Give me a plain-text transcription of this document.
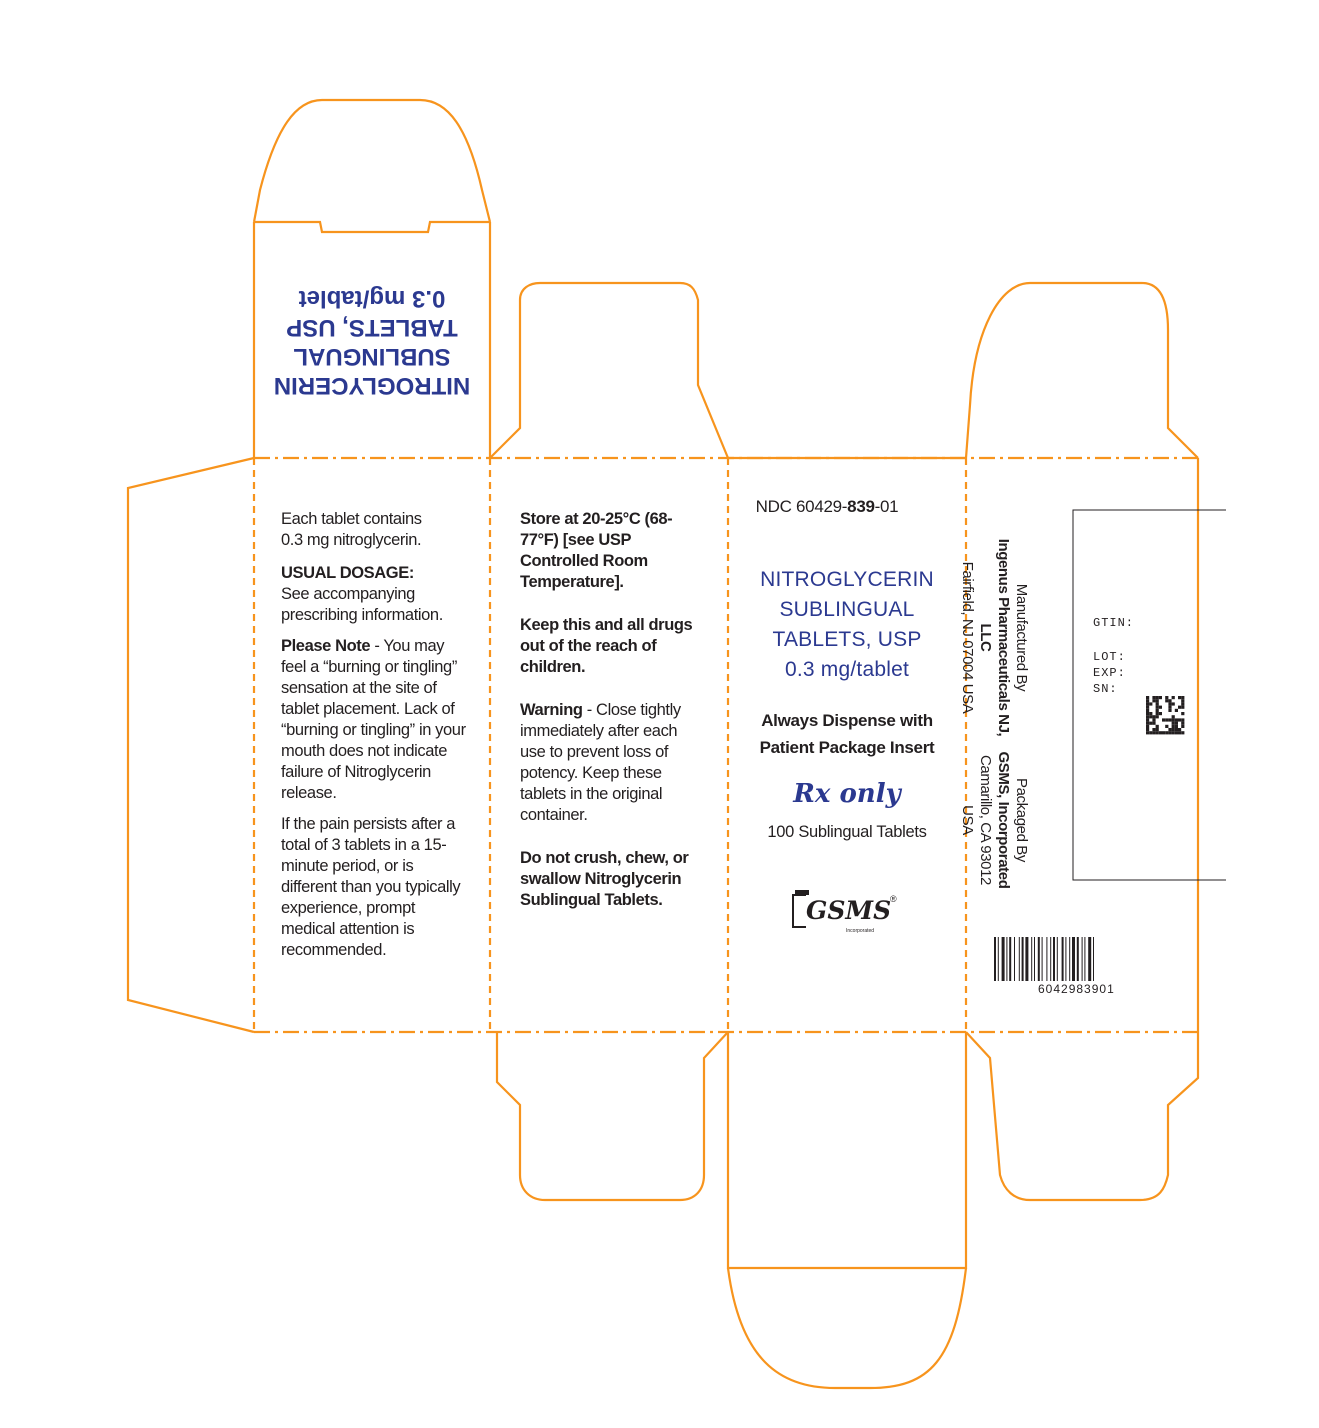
NITROGLYCERIN
SUBLINGUAL
TABLETS, USP
0.3 mg/tablet
Each tablet contains
0.3 mg nitroglycerin.
USUAL DOSAGE:
See accompanying prescribing information.
Please Note - You may feel a “burning or tingling” sensation at the site of tablet placement. Lack of “burning or tingling” in your mouth does not indicate failure of Nitroglycerin release.
If the pain persists after a total of 3 tablets in a 15-minute period, or is different than you typically experience, prompt medical attention is recommended.
Store at 20-25°C (68-77°F) [see USP Controlled Room Temperature].
Keep this and all drugs out of the reach of children.
Warning - Close tightly immediately after each use to prevent loss of potency. Keep these tablets in the original container.
Do not crush, chew, or swallow Nitroglycerin Sublingual Tablets.
NDC 60429-839-01
NITROGLYCERIN
SUBLINGUAL
TABLETS, USP
0.3 mg/tablet
Always Dispense with
Patient Package Insert
Rx only
100 Sublingual Tablets
GSMS
®
Incorporated
Manufactured By
Ingenus Pharmaceuticals NJ, LLC
Fairfield, NJ 07004 USA
Packaged By
GSMS, Incorporated
Camarillo, CA 93012 USA
GTIN:
LOT:
EXP:
SN:
6042983901
